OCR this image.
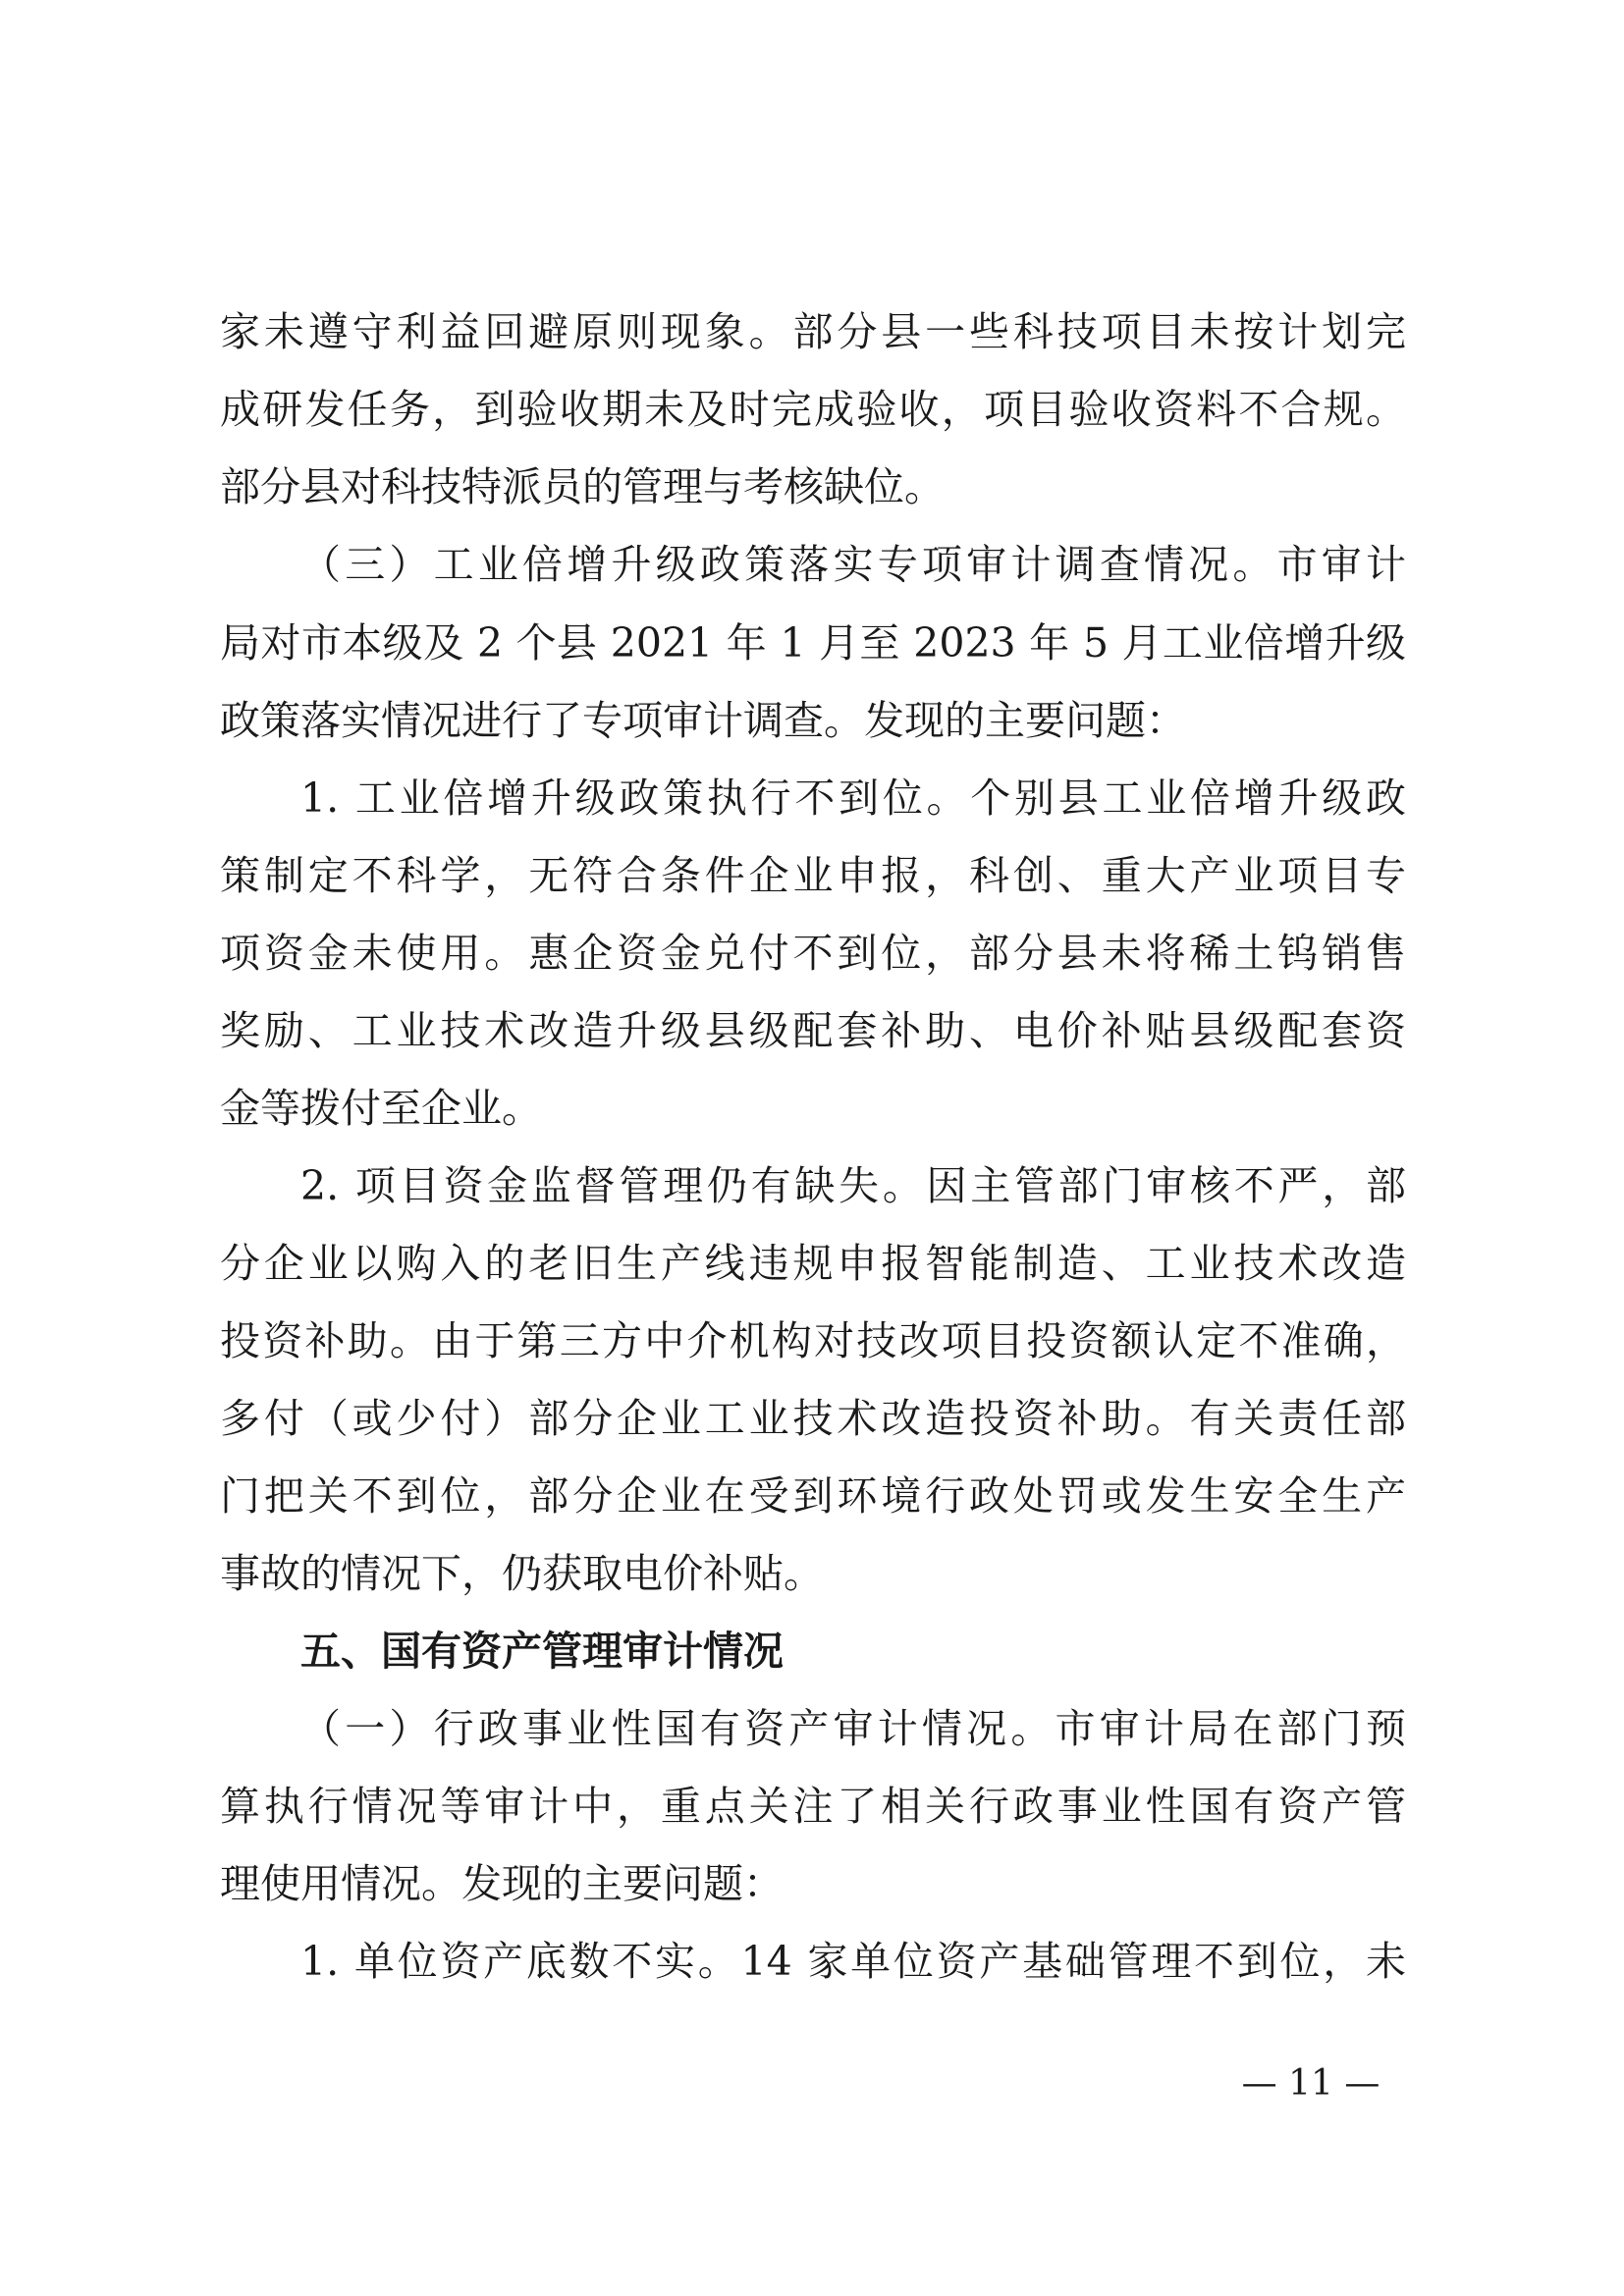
家未遵守利益回避原则现象。部分县一些科技项目未按计划完
成研发任务，到验收期未及时完成验收，项目验收资料不合规。
部分县对科技特派员的管理与考核缺位。
（三）工业倍增升级政策落实专项审计调查情况。市审计
局对市本级及 2 个县 2021 年 1 月至 2023 年 5 月工业倍增升级
政策落实情况进行了专项审计调查。发现的主要问题：
1. 工业倍增升级政策执行不到位。个别县工业倍增升级政
策制定不科学，无符合条件企业申报，科创、重大产业项目专
项资金未使用。惠企资金兑付不到位，部分县未将稀土钨销售
奖励、工业技术改造升级县级配套补助、电价补贴县级配套资
金等拨付至企业。
2. 项目资金监督管理仍有缺失。因主管部门审核不严，部
分企业以购入的老旧生产线违规申报智能制造、工业技术改造
投资补助。由于第三方中介机构对技改项目投资额认定不准确，
多付（或少付）部分企业工业技术改造投资补助。有关责任部
门把关不到位，部分企业在受到环境行政处罚或发生安全生产
事故的情况下，仍获取电价补贴。
五、国有资产管理审计情况
（一）行政事业性国有资产审计情况。市审计局在部门预
算执行情况等审计中，重点关注了相关行政事业性国有资产管
理使用情况。发现的主要问题：
1. 单位资产底数不实。14 家单位资产基础管理不到位，未
— 11 —
